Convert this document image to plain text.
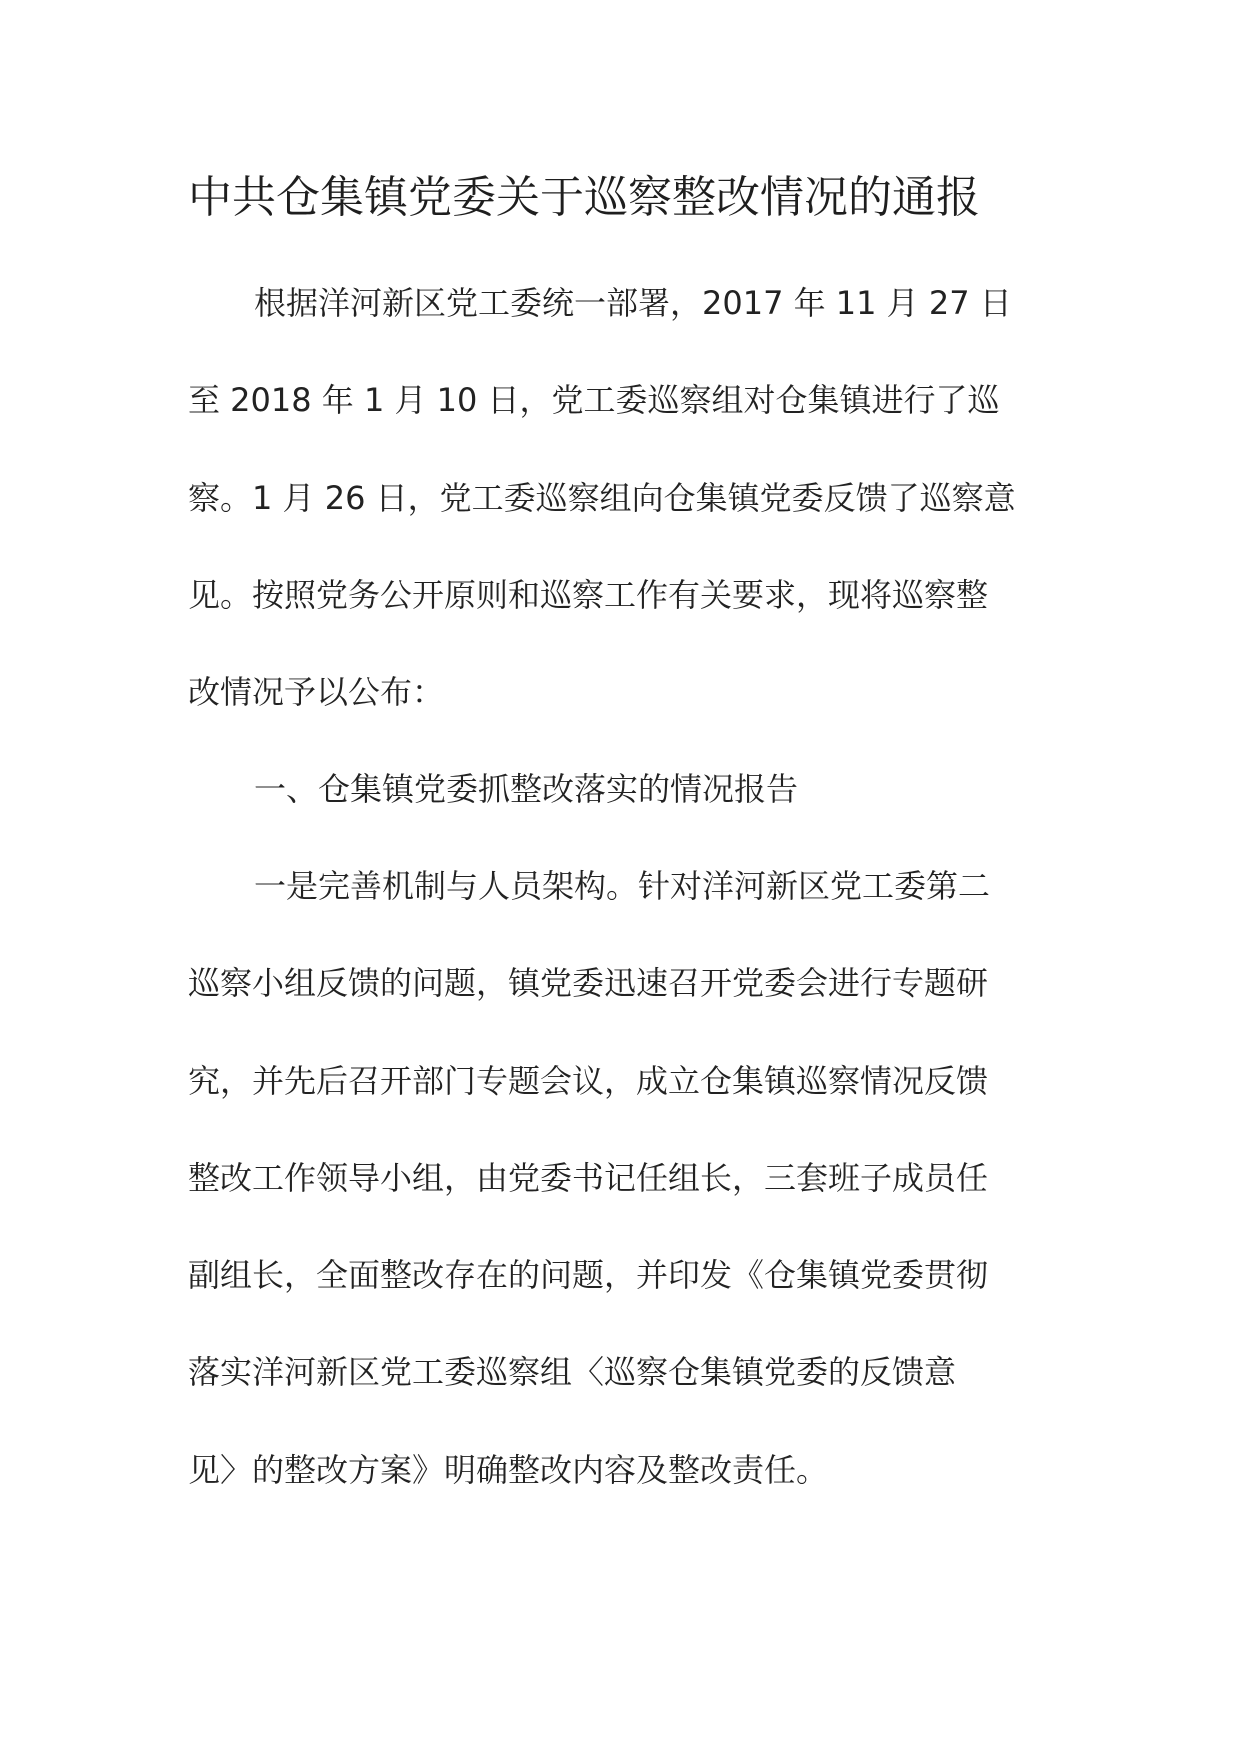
中共仓集镇党委关于巡察整改情况的通报
根据洋河新区党工委统一部署，2017 年 11 月 27 日
至 2018 年 1 月 10 日，党工委巡察组对仓集镇进行了巡
察。1 月 26 日，党工委巡察组向仓集镇党委反馈了巡察意
见。按照党务公开原则和巡察工作有关要求，现将巡察整
改情况予以公布：
一、仓集镇党委抓整改落实的情况报告
一是完善机制与人员架构。针对洋河新区党工委第二
巡察小组反馈的问题，镇党委迅速召开党委会进行专题研
究，并先后召开部门专题会议，成立仓集镇巡察情况反馈
整改工作领导小组，由党委书记任组长，三套班子成员任
副组长，全面整改存在的问题，并印发《仓集镇党委贯彻
落实洋河新区党工委巡察组〈巡察仓集镇党委的反馈意
见〉的整改方案》明确整改内容及整改责任。
